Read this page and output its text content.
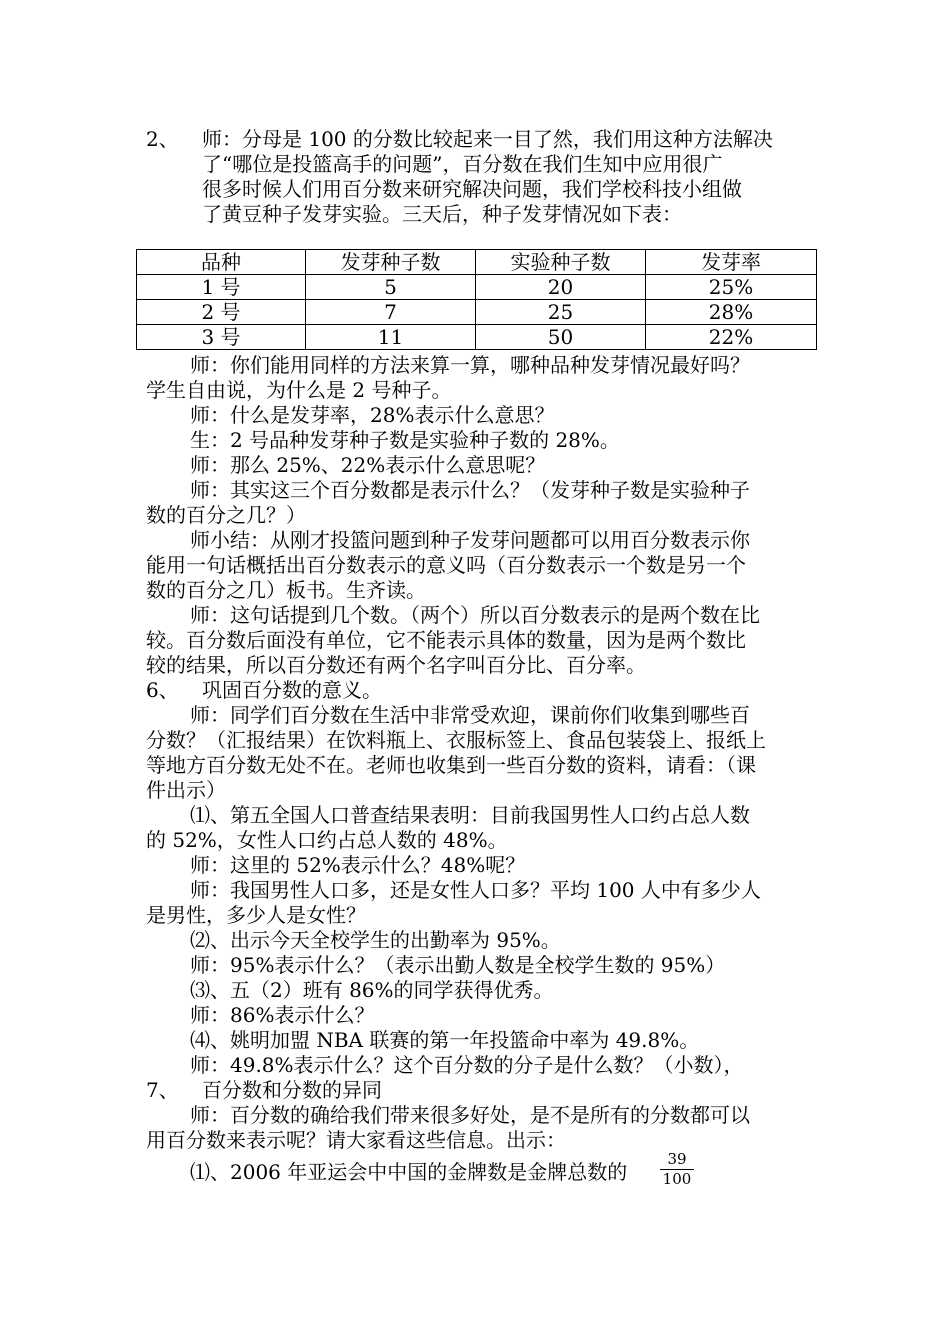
2、	师：分母是 100 的分数比较起来一目了然，我们用这种方法解决
了“哪位是投篮高手的问题”，百分数在我们生知中应用很广
很多时候人们用百分数来研究解决问题，我们学校科技小组做
了黄豆种子发芽实验。三天后，种子发芽情况如下表：
品种	发芽种子数	实验种子数	发芽率
1 号	5	20	25%
2 号	7	25	28%
3 号	11	50	22%
师：你们能用同样的方法来算一算，哪种品种发芽情况最好吗？
学生自由说，为什么是 2 号种子。
师：什么是发芽率，28%表示什么意思？
生：2 号品种发芽种子数是实验种子数的 28%。
师：那么 25%、22%表示什么意思呢？
师：其实这三个百分数都是表示什么？（发芽种子数是实验种子
数的百分之几？）
师小结：从刚才投篮问题到种子发芽问题都可以用百分数表示你
能用一句话概括出百分数表示的意义吗（百分数表示一个数是另一个
数的百分之几）板书。生齐读。
师：这句话提到几个数。（两个）所以百分数表示的是两个数在比
较。百分数后面没有单位，它不能表示具体的数量，因为是两个数比
较的结果，所以百分数还有两个名字叫百分比、百分率。
6、	巩固百分数的意义。
师：同学们百分数在生活中非常受欢迎，课前你们收集到哪些百
分数？（汇报结果）在饮料瓶上、衣服标签上、食品包装袋上、报纸上
等地方百分数无处不在。老师也收集到一些百分数的资料，请看：（课
件出示）
⑴、第五全国人口普查结果表明：目前我国男性人口约占总人数
的 52%，女性人口约占总人数的 48%。
师：这里的 52%表示什么？48%呢？
师：我国男性人口多，还是女性人口多？平均 100 人中有多少人
是男性，多少人是女性？
⑵、出示今天全校学生的出勤率为 95%。
师：95%表示什么？（表示出勤人数是全校学生数的 95%）
⑶、五（2）班有 86%的同学获得优秀。
师：86%表示什么？
⑷、姚明加盟 NBA 联赛的第一年投篮命中率为 49.8%。
师：49.8%表示什么？这个百分数的分子是什么数？（小数），
7、	百分数和分数的异同
师：百分数的确给我们带来很多好处，是不是所有的分数都可以
用百分数来表示呢？请大家看这些信息。出示：
⑴、2006 年亚运会中中国的金牌数是金牌总数的
39
100
